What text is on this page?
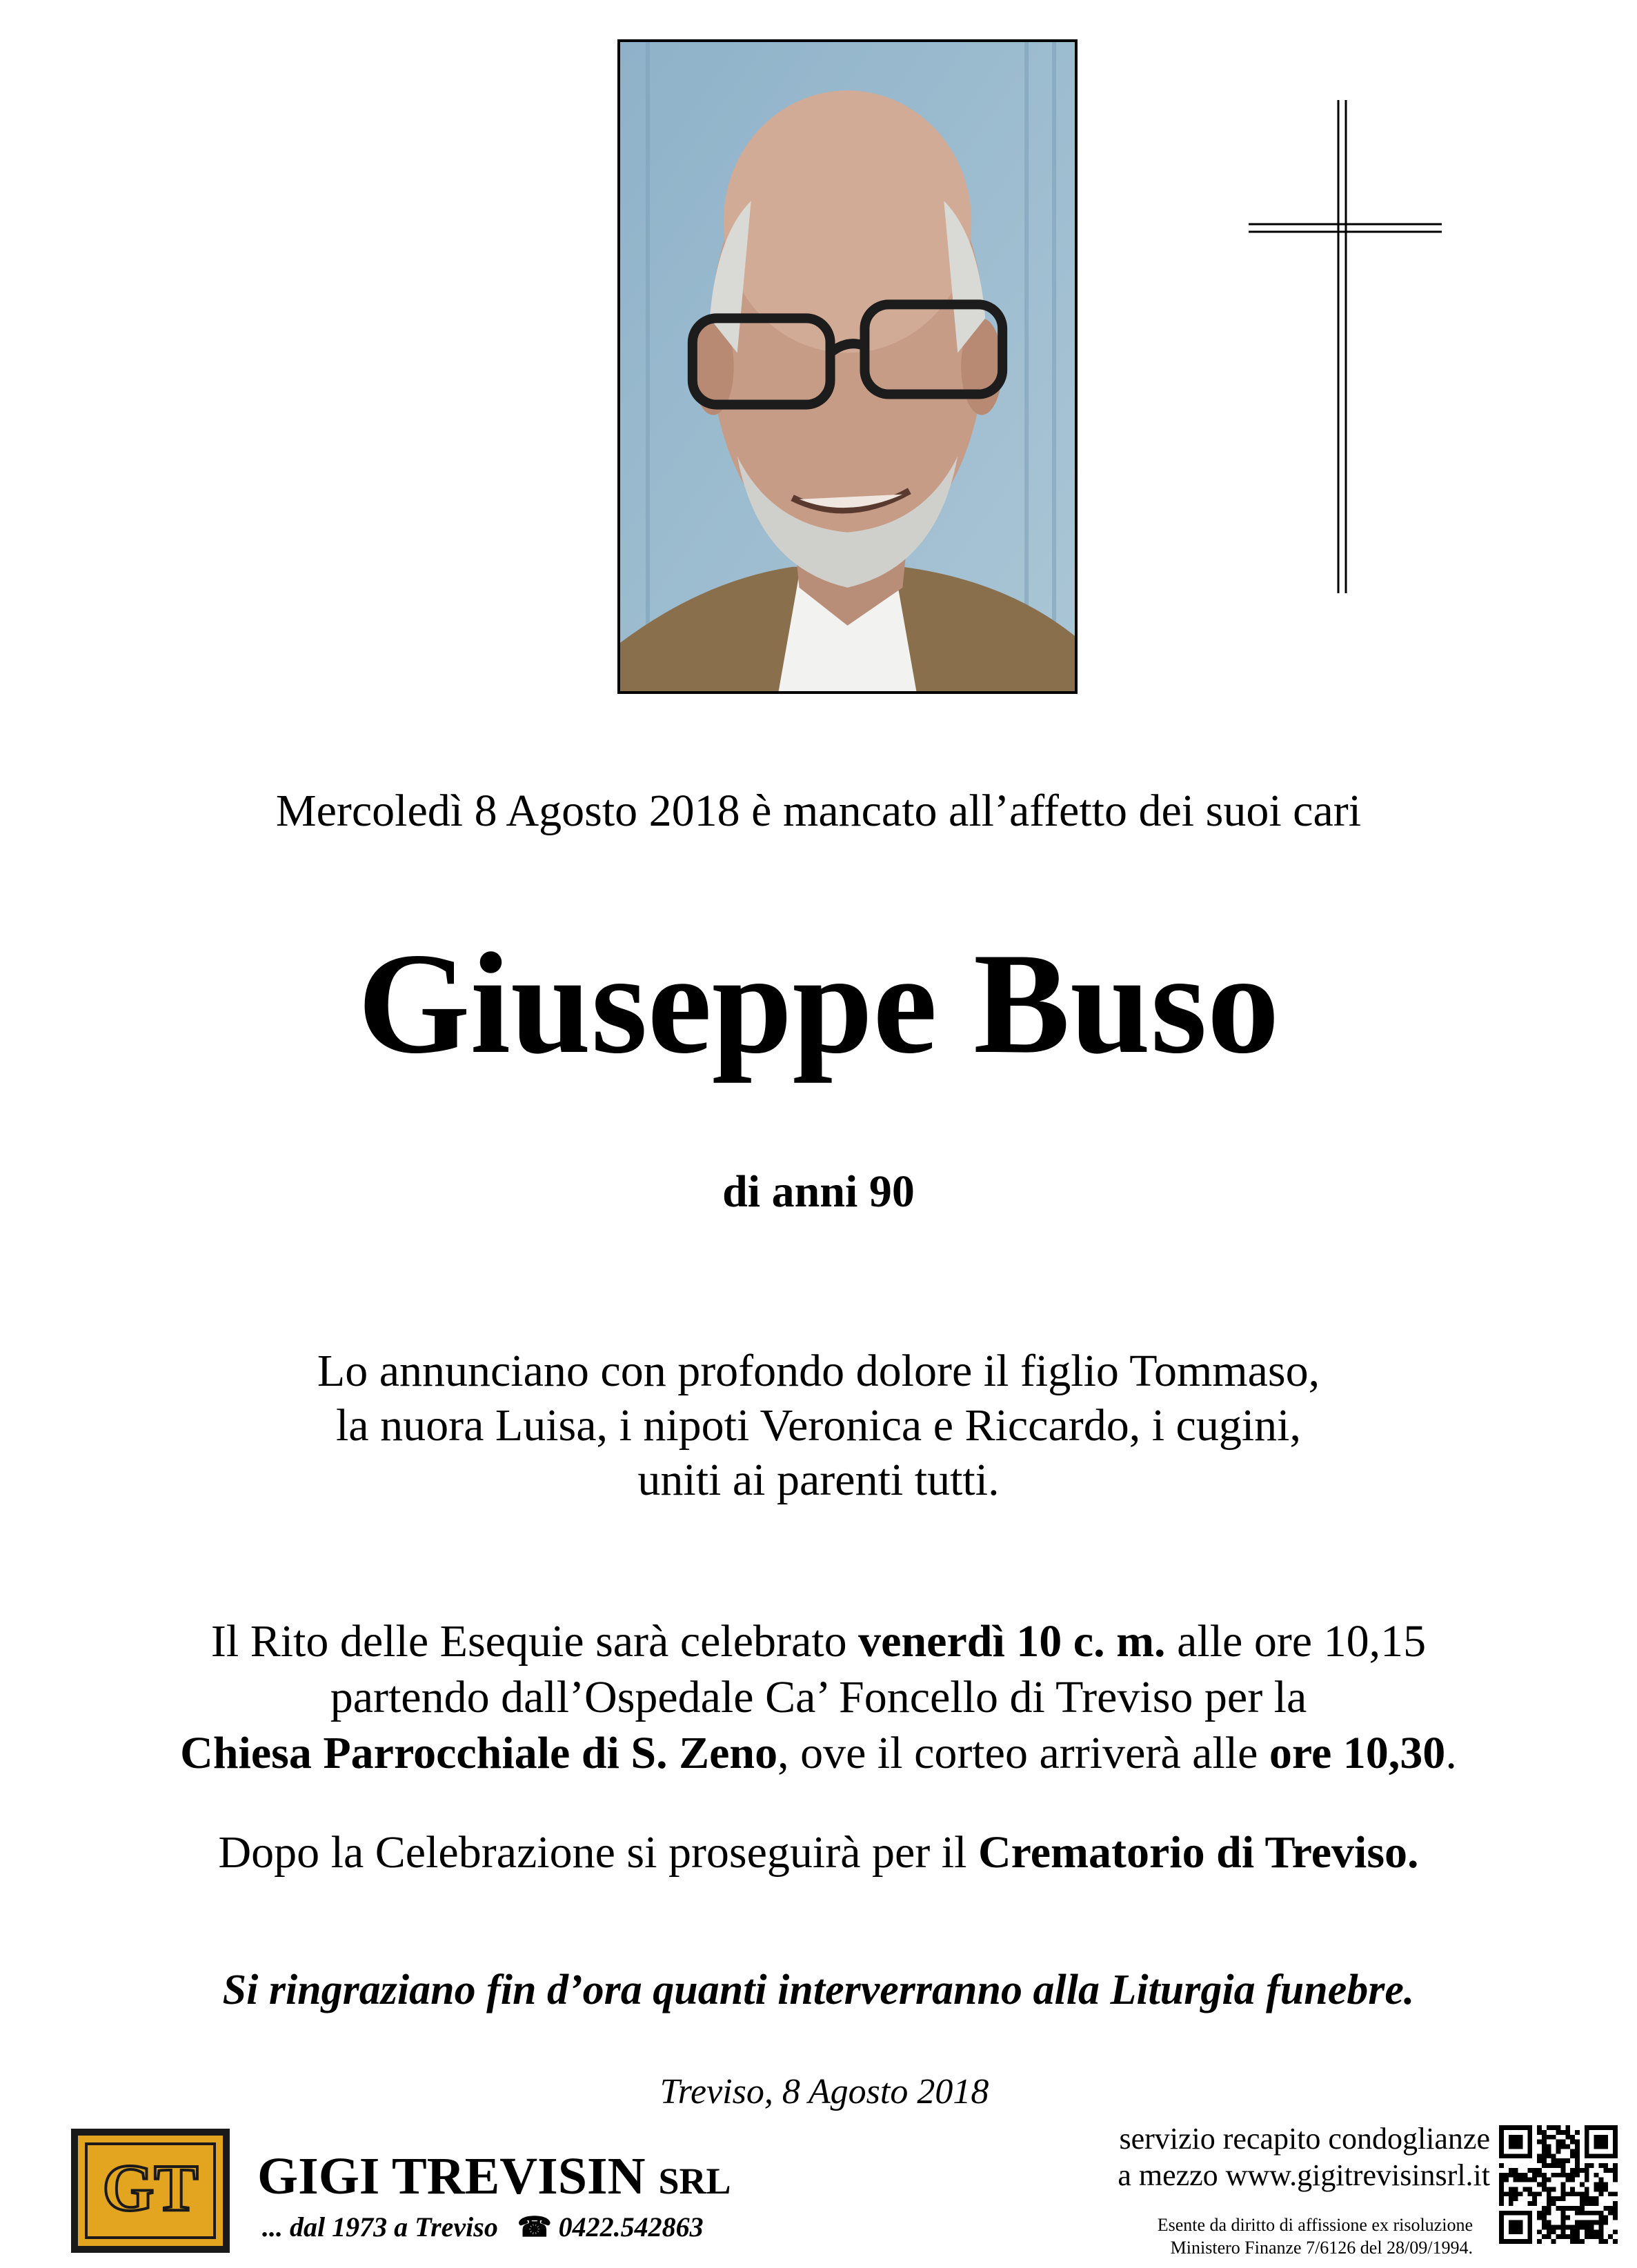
Mercoledì 8 Agosto 2018 è mancato all’affetto dei suoi cari
Giuseppe Buso
di anni 90
Lo annunciano con profondo dolore il figlio Tommaso,
la nuora Luisa, i nipoti Veronica e Riccardo, i cugini,
uniti ai parenti tutti.
Il Rito delle Esequie sarà celebrato venerdì 10 c. m. alle ore 10,15
partendo dall’Ospedale Ca’ Foncello di Treviso per la
Chiesa Parrocchiale di S. Zeno, ove il corteo arriverà alle ore 10,30.
Dopo la Celebrazione si proseguirà per il Crematorio di Treviso.
Si ringraziano fin d’ora quanti interverranno alla Liturgia funebre.
Treviso, 8 Agosto 2018
GT GIGI TREVISIN SRL
... dal 1973 a Treviso ☎ 0422.542863
servizio recapito condoglianze
a mezzo www.gigitrevisinsrl.it
Esente da diritto di affissione ex risoluzione
Ministero Finanze 7/6126 del 28/09/1994.
